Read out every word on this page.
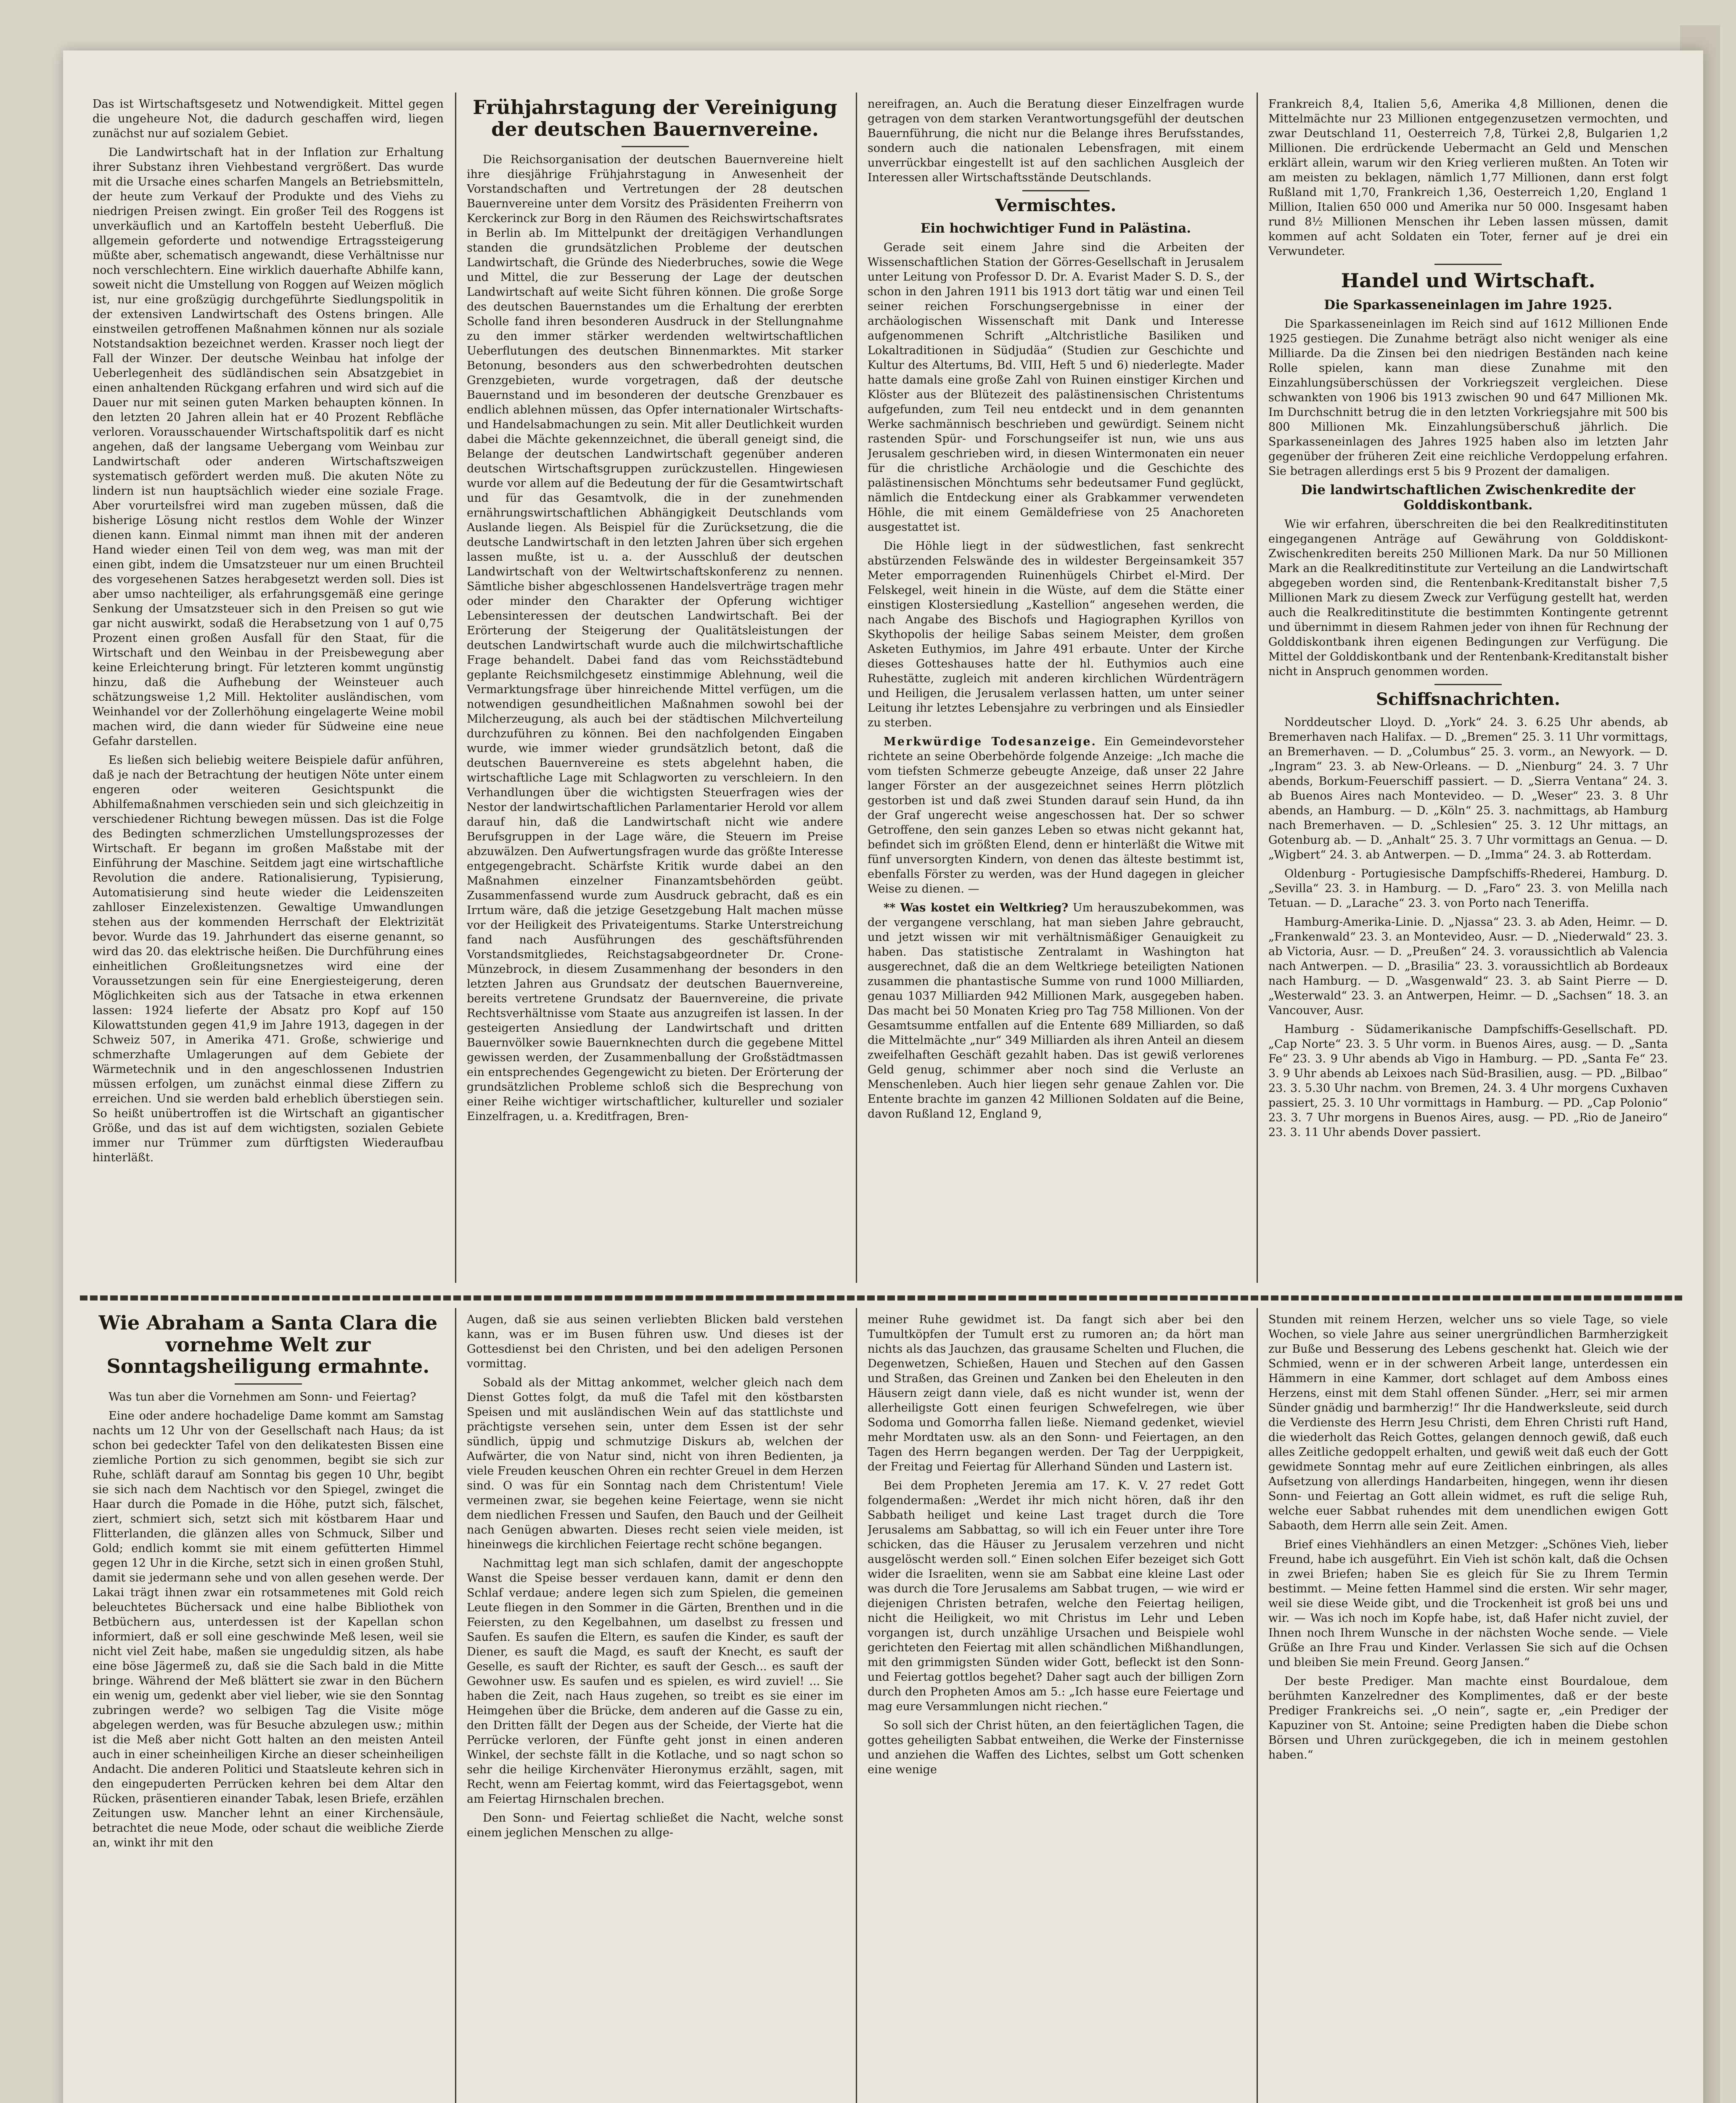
Das ist Wirtschaftsgesetz und Notwendigkeit. Mittel gegen die ungeheure Not, die dadurch geschaffen wird, liegen zunächst nur auf sozialem Gebiet.

Die Landwirtschaft hat in der Inflation zur Erhaltung ihrer Substanz ihren Viehbestand vergrößert. Das wurde mit die Ursache eines scharfen Mangels an Betriebsmitteln, der heute zum Verkauf der Produkte und des Viehs zu niedrigen Preisen zwingt. Ein großer Teil des Roggens ist unverkäuflich und an Kartoffeln besteht Ueberfluß. Die allgemein geforderte und notwendige Ertragssteigerung müßte aber, schematisch angewandt, diese Verhältnisse nur noch verschlechtern. Eine wirklich dauerhafte Abhilfe kann, soweit nicht die Umstellung von Roggen auf Weizen möglich ist, nur eine großzügig durchgeführte Siedlungspolitik in der extensiven Landwirtschaft des Ostens bringen. Alle einstweilen getroffenen Maßnahmen können nur als soziale Notstandsaktion bezeichnet werden. Krasser noch liegt der Fall der Winzer. Der deutsche Weinbau hat infolge der Ueberlegenheit des südländischen sein Absatzgebiet in einen anhaltenden Rückgang erfahren und wird sich auf die Dauer nur mit seinen guten Marken behaupten können. In den letzten 20 Jahren allein hat er 40 Prozent Rebfläche verloren. Vorausschauender Wirtschaftspolitik darf es nicht angehen, daß der langsame Uebergang vom Weinbau zur Landwirtschaft oder anderen Wirtschaftszweigen systematisch gefördert werden muß. Die akuten Nöte zu lindern ist nun hauptsächlich wieder eine soziale Frage. Aber vorurteilsfrei wird man zugeben müssen, daß die bisherige Lösung nicht restlos dem Wohle der Winzer dienen kann. Einmal nimmt man ihnen mit der anderen Hand wieder einen Teil von dem weg, was man mit der einen gibt, indem die Umsatzsteuer nur um einen Bruchteil des vorgesehenen Satzes herabgesetzt werden soll. Dies ist aber umso nachteiliger, als erfahrungsgemäß eine geringe Senkung der Umsatzsteuer sich in den Preisen so gut wie gar nicht auswirkt, sodaß die Herabsetzung von 1 auf 0,75 Prozent einen großen Ausfall für den Staat, für die Wirtschaft und den Weinbau in der Preisbewegung aber keine Erleichterung bringt. Für letzteren kommt ungünstig hinzu, daß die Aufhebung der Weinsteuer auch schätzungsweise 1,2 Mill. Hektoliter ausländischen, vom Weinhandel vor der Zollerhöhung eingelagerte Weine mobil machen wird, die dann wieder für Südweine eine neue Gefahr darstellen.

Es ließen sich beliebig weitere Beispiele dafür anführen, daß je nach der Betrachtung der heutigen Nöte unter einem engeren oder weiteren Gesichtspunkt die Abhilfemaßnahmen verschieden sein und sich gleichzeitig in verschiedener Richtung bewegen müssen. Das ist die Folge des Bedingten schmerzlichen Umstellungsprozesses der Wirtschaft. Er begann im großen Maßstabe mit der Einführung der Maschine. Seitdem jagt eine wirtschaftliche Revolution die andere. Rationalisierung, Typisierung, Automatisierung sind heute wieder die Leidenszeiten zahlloser Einzelexistenzen. Gewaltige Umwandlungen stehen aus der kommenden Herrschaft der Elektrizität bevor. Wurde das 19. Jahrhundert das eiserne genannt, so wird das 20. das elektrische heißen. Die Durchführung eines einheitlichen Großleitungsnetzes wird eine der Voraussetzungen sein für eine Energiesteigerung, deren Möglichkeiten sich aus der Tatsache in etwa erkennen lassen: 1924 lieferte der Absatz pro Kopf auf 150 Kilowattstunden gegen 41,9 im Jahre 1913, dagegen in der Schweiz 507, in Amerika 471. Große, schwierige und schmerzhafte Umlagerungen auf dem Gebiete der Wärmetechnik und in den angeschlossenen Industrien müssen erfolgen, um zunächst einmal diese Ziffern zu erreichen. Und sie werden bald erheblich überstiegen sein. So heißt unübertroffen ist die Wirtschaft an gigantischer Größe, und das ist auf dem wichtigsten, sozialen Gebiete immer nur Trümmer zum dürftigsten Wiederaufbau hinterläßt.

Frühjahrstagung der Vereinigung der deutschen Bauernvereine.

Die Reichsorganisation der deutschen Bauernvereine hielt ihre diesjährige Frühjahrstagung in Anwesenheit der Vorstandschaften und Vertretungen der 28 deutschen Bauernvereine unter dem Vorsitz des Präsidenten Freiherrn von Kerckerinck zur Borg in den Räumen des Reichswirtschaftsrates in Berlin ab. Im Mittelpunkt der dreitägigen Verhandlungen standen die grundsätzlichen Probleme der deutschen Landwirtschaft, die Gründe des Niederbruches, sowie die Wege und Mittel, die zur Besserung der Lage der deutschen Landwirtschaft auf weite Sicht führen können. Die große Sorge des deutschen Bauernstandes um die Erhaltung der ererbten Scholle fand ihren besonderen Ausdruck in der Stellungnahme zu den immer stärker werdenden weltwirtschaftlichen Ueberflutungen des deutschen Binnenmarktes. Mit starker Betonung, besonders aus den schwerbedrohten deutschen Grenzgebieten, wurde vorgetragen, daß der deutsche Bauernstand und im besonderen der deutsche Grenzbauer es endlich ablehnen müssen, das Opfer internationaler Wirtschafts- und Handelsabmachungen zu sein. Mit aller Deutlichkeit wurden dabei die Mächte gekennzeichnet, die überall geneigt sind, die Belange der deutschen Landwirtschaft gegenüber anderen deutschen Wirtschaftsgruppen zurückzustellen. Hingewiesen wurde vor allem auf die Bedeutung der für die Gesamtwirtschaft und für das Gesamtvolk, die in der zunehmenden ernährungswirtschaftlichen Abhängigkeit Deutschlands vom Auslande liegen. Als Beispiel für die Zurücksetzung, die die deutsche Landwirtschaft in den letzten Jahren über sich ergehen lassen mußte, ist u. a. der Ausschluß der deutschen Landwirtschaft von der Weltwirtschaftskonferenz zu nennen. Sämtliche bisher abgeschlossenen Handelsverträge tragen mehr oder minder den Charakter der Opferung wichtiger Lebensinteressen der deutschen Landwirtschaft. Bei der Erörterung der Steigerung der Qualitätsleistungen der deutschen Landwirtschaft wurde auch die milchwirtschaftliche Frage behandelt. Dabei fand das vom Reichsstädtebund geplante Reichsmilchgesetz einstimmige Ablehnung, weil die Vermarktungsfrage über hinreichende Mittel verfügen, um die notwendigen gesundheitlichen Maßnahmen sowohl bei der Milcherzeugung, als auch bei der städtischen Milchverteilung durchzuführen zu können. Bei den nachfolgenden Eingaben wurde, wie immer wieder grundsätzlich betont, daß die deutschen Bauernvereine es stets abgelehnt haben, die wirtschaftliche Lage mit Schlagworten zu verschleiern. In den Verhandlungen über die wichtigsten Steuerfragen wies der Nestor der landwirtschaftlichen Parlamentarier Herold vor allem darauf hin, daß die Landwirtschaft nicht wie andere Berufsgruppen in der Lage wäre, die Steuern im Preise abzuwälzen. Den Aufwertungsfragen wurde das größte Interesse entgegengebracht. Schärfste Kritik wurde dabei an den Maßnahmen einzelner Finanzamtsbehörden geübt. Zusammenfassend wurde zum Ausdruck gebracht, daß es ein Irrtum wäre, daß die jetzige Gesetzgebung Halt machen müsse vor der Heiligkeit des Privateigentums. Starke Unterstreichung fand nach Ausführungen des geschäftsführenden Vorstandsmitgliedes, Reichstagsabgeordneter Dr. Crone-Münzebrock, in diesem Zusammenhang der besonders in den letzten Jahren aus Grundsatz der deutschen Bauernvereine, bereits vertretene Grundsatz der Bauernvereine, die private Rechtsverhältnisse vom Staate aus anzugreifen ist lassen. In der gesteigerten Ansiedlung der Landwirtschaft und dritten Bauernvölker sowie Bauernknechten durch die gegebene Mittel gewissen werden, der Zusammenballung der Großstädtmassen ein entsprechendes Gegengewicht zu bieten. Der Erörterung der grundsätzlichen Probleme schloß sich die Besprechung von einer Reihe wichtiger wirtschaftlicher, kultureller und sozialer Einzelfragen, u. a. Kreditfragen, Bren-

nereifragen, an. Auch die Beratung dieser Einzelfragen wurde getragen von dem starken Verantwortungsgefühl der deutschen Bauernführung, die nicht nur die Belange ihres Berufsstandes, sondern auch die nationalen Lebensfragen, mit einem unverrückbar eingestellt ist auf den sachlichen Ausgleich der Interessen aller Wirtschaftsstände Deutschlands.

Vermischtes.
Ein hochwichtiger Fund in Palästina.

Gerade seit einem Jahre sind die Arbeiten der Wissenschaftlichen Station der Görres-Gesellschaft in Jerusalem unter Leitung von Professor D. Dr. A. Evarist Mader S. D. S., der schon in den Jahren 1911 bis 1913 dort tätig war und einen Teil seiner reichen Forschungsergebnisse in einer der archäologischen Wissenschaft mit Dank und Interesse aufgenommenen Schrift „Altchristliche Basiliken und Lokaltraditionen in Südjudäa“ (Studien zur Geschichte und Kultur des Altertums, Bd. VIII, Heft 5 und 6) niederlegte. Mader hatte damals eine große Zahl von Ruinen einstiger Kirchen und Klöster aus der Blütezeit des palästinensischen Christentums aufgefunden, zum Teil neu entdeckt und in dem genannten Werke sachmännisch beschrieben und gewürdigt. Seinem nicht rastenden Spür- und Forschungseifer ist nun, wie uns aus Jerusalem geschrieben wird, in diesen Wintermonaten ein neuer für die christliche Archäologie und die Geschichte des palästinensischen Mönchtums sehr bedeutsamer Fund geglückt, nämlich die Entdeckung einer als Grabkammer verwendeten Höhle, die mit einem Gemäldefriese von 25 Anachoreten ausgestattet ist.

Die Höhle liegt in der südwestlichen, fast senkrecht abstürzenden Felswände des in wildester Bergeinsamkeit 357 Meter emporragenden Ruinenhügels Chirbet el-Mird. Der Felskegel, weit hinein in die Wüste, auf dem die Stätte einer einstigen Klostersiedlung „Kastellion“ angesehen werden, die nach Angabe des Bischofs und Hagiographen Kyrillos von Skythopolis der heilige Sabas seinem Meister, dem großen Asketen Euthymios, im Jahre 491 erbaute. Unter der Kirche dieses Gotteshauses hatte der hl. Euthymios auch eine Ruhestätte, zugleich mit anderen kirchlichen Würdenträgern und Heiligen, die Jerusalem verlassen hatten, um unter seiner Leitung ihr letztes Lebensjahre zu verbringen und als Einsiedler zu sterben.

Merkwürdige Todesanzeige. Ein Gemeindevorsteher richtete an seine Oberbehörde folgende Anzeige: „Ich mache die vom tiefsten Schmerze gebeugte Anzeige, daß unser 22 Jahre langer Förster an der ausgezeichnet seines Herrn plötzlich gestorben ist und daß zwei Stunden darauf sein Hund, da ihn der Graf ungerecht weise angeschossen hat. Der so schwer Getroffene, den sein ganzes Leben so etwas nicht gekannt hat, befindet sich im größten Elend, denn er hinterläßt die Witwe mit fünf unversorgten Kindern, von denen das älteste bestimmt ist, ebenfalls Förster zu werden, was der Hund dagegen in gleicher Weise zu dienen. —

** Was kostet ein Weltkrieg? Um herauszubekommen, was der vergangene verschlang, hat man sieben Jahre gebraucht, und jetzt wissen wir mit verhältnismäßiger Genauigkeit zu haben. Das statistische Zentralamt in Washington hat ausgerechnet, daß die an dem Weltkriege beteiligten Nationen zusammen die phantastische Summe von rund 1000 Milliarden, genau 1037 Milliarden 942 Millionen Mark, ausgegeben haben. Das macht bei 50 Monaten Krieg pro Tag 758 Millionen. Von der Gesamtsumme entfallen auf die Entente 689 Milliarden, so daß die Mittelmächte „nur“ 349 Milliarden als ihren Anteil an diesem zweifelhaften Geschäft gezahlt haben. Das ist gewiß verlorenes Geld genug, schimmer aber noch sind die Verluste an Menschenleben. Auch hier liegen sehr genaue Zahlen vor. Die Entente brachte im ganzen 42 Millionen Soldaten auf die Beine, davon Rußland 12, England 9,

Frankreich 8,4, Italien 5,6, Amerika 4,8 Millionen, denen die Mittelmächte nur 23 Millionen entgegenzusetzen vermochten, und zwar Deutschland 11, Oesterreich 7,8, Türkei 2,8, Bulgarien 1,2 Millionen. Die erdrückende Uebermacht an Geld und Menschen erklärt allein, warum wir den Krieg verlieren mußten. An Toten wir am meisten zu beklagen, nämlich 1,77 Millionen, dann erst folgt Rußland mit 1,70, Frankreich 1,36, Oesterreich 1,20, England 1 Million, Italien 650 000 und Amerika nur 50 000. Insgesamt haben rund 8½ Millionen Menschen ihr Leben lassen müssen, damit kommen auf acht Soldaten ein Toter, ferner auf je drei ein Verwundeter.

Handel und Wirtschaft.
Die Sparkasseneinlagen im Jahre 1925.

Die Sparkasseneinlagen im Reich sind auf 1612 Millionen Ende 1925 gestiegen. Die Zunahme beträgt also nicht weniger als eine Milliarde. Da die Zinsen bei den niedrigen Beständen nach keine Rolle spielen, kann man diese Zunahme mit den Einzahlungsüberschüssen der Vorkriegszeit vergleichen. Diese schwankten von 1906 bis 1913 zwischen 90 und 647 Millionen Mk. Im Durchschnitt betrug die in den letzten Vorkriegsjahre mit 500 bis 800 Millionen Mk. Einzahlungsüberschuß jährlich. Die Sparkasseneinlagen des Jahres 1925 haben also im letzten Jahr gegenüber der früheren Zeit eine reichliche Verdoppelung erfahren. Sie betragen allerdings erst 5 bis 9 Prozent der damaligen.

Die landwirtschaftlichen Zwischenkredite der Golddiskontbank.

Wie wir erfahren, überschreiten die bei den Realkreditinstituten eingegangenen Anträge auf Gewährung von Golddiskont-Zwischenkrediten bereits 250 Millionen Mark. Da nur 50 Millionen Mark an die Realkreditinstitute zur Verteilung an die Landwirtschaft abgegeben worden sind, die Rentenbank-Kreditanstalt bisher 7,5 Millionen Mark zu diesem Zweck zur Verfügung gestellt hat, werden auch die Realkreditinstitute die bestimmten Kontingente getrennt und übernimmt in diesem Rahmen jeder von ihnen für Rechnung der Golddiskontbank ihren eigenen Bedingungen zur Verfügung. Die Mittel der Golddiskontbank und der Rentenbank-Kreditanstalt bisher nicht in Anspruch genommen worden.

Schiffsnachrichten.

Norddeutscher Lloyd. D. „York“ 24. 3. 6.25 Uhr abends, ab Bremerhaven nach Halifax. — D. „Bremen“ 25. 3. 11 Uhr vormittags, an Bremerhaven. — D. „Columbus“ 25. 3. vorm., an Newyork. — D. „Ingram“ 23. 3. ab New-Orleans. — D. „Nienburg“ 24. 3. 7 Uhr abends, Borkum-Feuerschiff passiert. — D. „Sierra Ventana“ 24. 3. ab Buenos Aires nach Montevideo. — D. „Weser“ 23. 3. 8 Uhr abends, an Hamburg. — D. „Köln“ 25. 3. nachmittags, ab Hamburg nach Bremerhaven. — D. „Schlesien“ 25. 3. 12 Uhr mittags, an Gotenburg ab. — D. „Anhalt“ 25. 3. 7 Uhr vormittags an Genua. — D. „Wigbert“ 24. 3. ab Antwerpen. — D. „Imma“ 24. 3. ab Rotterdam.

Oldenburg - Portugiesische Dampfschiffs-Rhederei, Hamburg. D. „Sevilla“ 23. 3. in Hamburg. — D. „Faro“ 23. 3. von Melilla nach Tetuan. — D. „Larache“ 23. 3. von Porto nach Teneriffa.

Hamburg-Amerika-Linie. D. „Njassa“ 23. 3. ab Aden, Heimr. — D. „Frankenwald“ 23. 3. an Montevideo, Ausr. — D. „Niederwald“ 23. 3. ab Victoria, Ausr. — D. „Preußen“ 24. 3. voraussichtlich ab Valencia nach Antwerpen. — D. „Brasilia“ 23. 3. voraussichtlich ab Bordeaux nach Hamburg. — D. „Wasgenwald“ 23. 3. ab Saint Pierre — D. „Westerwald“ 23. 3. an Antwerpen, Heimr. — D. „Sachsen“ 18. 3. an Vancouver, Ausr.

Hamburg - Südamerikanische Dampfschiffs-Gesellschaft. PD. „Cap Norte“ 23. 3. 5 Uhr vorm. in Buenos Aires, ausg. — D. „Santa Fe“ 23. 3. 9 Uhr abends ab Vigo in Hamburg. — PD. „Santa Fe“ 23. 3. 9 Uhr abends ab Leixoes nach Süd-Brasilien, ausg. — PD. „Bilbao“ 23. 3. 5.30 Uhr nachm. von Bremen, 24. 3. 4 Uhr morgens Cuxhaven passiert, 25. 3. 10 Uhr vormittags in Hamburg. — PD. „Cap Polonio“ 23. 3. 7 Uhr morgens in Buenos Aires, ausg. — PD. „Rio de Janeiro“ 23. 3. 11 Uhr abends Dover passiert.

Wie Abraham a Santa Clara die vornehme Welt zur Sonntagsheiligung ermahnte.

Was tun aber die Vornehmen am Sonn- und Feiertag?

Eine oder andere hochadelige Dame kommt am Samstag nachts um 12 Uhr von der Gesellschaft nach Haus; da ist schon bei gedeckter Tafel von den delikatesten Bissen eine ziemliche Portion zu sich genommen, begibt sie sich zur Ruhe, schläft darauf am Sonntag bis gegen 10 Uhr, begibt sie sich nach dem Nachtisch vor den Spiegel, zwinget die Haar durch die Pomade in die Höhe, putzt sich, fälschet, ziert, schmiert sich, setzt sich mit köstbarem Haar und Flitterlanden, die glänzen alles von Schmuck, Silber und Gold; endlich kommt sie mit einem gefütterten Himmel gegen 12 Uhr in die Kirche, setzt sich in einen großen Stuhl, damit sie jedermann sehe und von allen gesehen werde. Der Lakai trägt ihnen zwar ein rotsammetenes mit Gold reich beleuchtetes Büchersack und eine halbe Bibliothek von Betbüchern aus, unterdessen ist der Kapellan schon informiert, daß er soll eine geschwinde Meß lesen, weil sie nicht viel Zeit habe, maßen sie ungeduldig sitzen, als habe eine böse Jägermeß zu, daß sie die Sach bald in die Mitte bringe. Während der Meß blättert sie zwar in den Büchern ein wenig um, gedenkt aber viel lieber, wie sie den Sonntag zubringen werde? wo selbigen Tag die Visite möge abgelegen werden, was für Besuche abzulegen usw.; mithin ist die Meß aber nicht Gott halten an den meisten Anteil auch in einer scheinheiligen Kirche an dieser scheinheiligen Andacht. Die anderen Politici und Staatsleute kehren sich in den eingepuderten Perrücken kehren bei dem Altar den Rücken, präsentieren einander Tabak, lesen Briefe, erzählen Zeitungen usw. Mancher lehnt an einer Kirchensäule, betrachtet die neue Mode, oder schaut die weibliche Zierde an, winkt ihr mit den

Augen, daß sie aus seinen verliebten Blicken bald verstehen kann, was er im Busen führen usw. Und dieses ist der Gottesdienst bei den Christen, und bei den adeligen Personen vormittag.

Sobald als der Mittag ankommet, welcher gleich nach dem Dienst Gottes folgt, da muß die Tafel mit den köstbarsten Speisen und mit ausländischen Wein auf das stattlichste und prächtigste versehen sein, unter dem Essen ist der sehr sündlich, üppig und schmutzige Diskurs ab, welchen der Aufwärter, die von Natur sind, nicht von ihren Bedienten, ja viele Freuden keuschen Ohren ein rechter Greuel in dem Herzen sind. O was für ein Sonntag nach dem Christentum! Viele vermeinen zwar, sie begehen keine Feiertage, wenn sie nicht dem niedlichen Fressen und Saufen, den Bauch und der Geilheit nach Genügen abwarten. Dieses recht seien viele meiden, ist hineinwegs die kirchlichen Feiertage recht schöne begangen.

Nachmittag legt man sich schlafen, damit der angeschoppte Wanst die Speise besser verdauen kann, damit er denn den Schlaf verdaue; andere legen sich zum Spielen, die gemeinen Leute fliegen in den Sommer in die Gärten, Brenthen und in die Feiersten, zu den Kegelbahnen, um daselbst zu fressen und Saufen. Es saufen die Eltern, es saufen die Kinder, es sauft der Diener, es sauft die Magd, es sauft der Knecht, es sauft der Geselle, es sauft der Richter, es sauft der Gesch... es sauft der Gewohner usw. Es saufen und es spielen, es wird zuviel! ... Sie haben die Zeit, nach Haus zugehen, so treibt es sie einer im Heimgehen über die Brücke, dem anderen auf die Gasse zu ein, den Dritten fällt der Degen aus der Scheide, der Vierte hat die Perrücke verloren, der Fünfte geht jonst in einen anderen Winkel, der sechste fällt in die Kotlache, und so nagt schon so sehr die heilige Kirchenväter Hieronymus erzählt, sagen, mit Recht, wenn am Feiertag kommt, wird das Feiertagsgebot, wenn am Feiertag Hirnschalen brechen.

Den Sonn- und Feiertag schließet die Nacht, welche sonst einem jeglichen Menschen zu allge-

meiner Ruhe gewidmet ist. Da fangt sich aber bei den Tumultköpfen der Tumult erst zu rumoren an; da hört man nichts als das Jauchzen, das grausame Schelten und Fluchen, die Degenwetzen, Schießen, Hauen und Stechen auf den Gassen und Straßen, das Greinen und Zanken bei den Eheleuten in den Häusern zeigt dann viele, daß es nicht wunder ist, wenn der allerheiligste Gott einen feurigen Schwefelregen, wie über Sodoma und Gomorrha fallen ließe. Niemand gedenket, wieviel mehr Mordtaten usw. als an den Sonn- und Feiertagen, an den Tagen des Herrn begangen werden. Der Tag der Uerppigkeit, der Freitag und Feiertag für Allerhand Sünden und Lastern ist.

Bei dem Propheten Jeremia am 17. K. V. 27 redet Gott folgendermaßen: „Werdet ihr mich nicht hören, daß ihr den Sabbath heiliget und keine Last traget durch die Tore Jerusalems am Sabbattag, so will ich ein Feuer unter ihre Tore schicken, das die Häuser zu Jerusalem verzehren und nicht ausgelöscht werden soll.“ Einen solchen Eifer bezeiget sich Gott wider die Israeliten, wenn sie am Sabbat eine kleine Last oder was durch die Tore Jerusalems am Sabbat trugen, — wie wird er diejenigen Christen betrafen, welche den Feiertag heiligen, nicht die Heiligkeit, wo mit Christus im Lehr und Leben vorgangen ist, durch unzählige Ursachen und Beispiele wohl gerichteten den Feiertag mit allen schändlichen Mißhandlungen, mit den grimmigsten Sünden wider Gott, befleckt ist den Sonn- und Feiertag gottlos begehet? Daher sagt auch der billigen Zorn durch den Propheten Amos am 5.: „Ich hasse eure Feiertage und mag eure Versammlungen nicht riechen.“

So soll sich der Christ hüten, an den feiertäglichen Tagen, die gottes geheiligten Sabbat entweihen, die Werke der Finsternisse und anziehen die Waffen des Lichtes, selbst um Gott schenken eine wenige

Stunden mit reinem Herzen, welcher uns so viele Tage, so viele Wochen, so viele Jahre aus seiner unergründlichen Barmherzigkeit zur Buße und Besserung des Lebens geschenkt hat. Gleich wie der Schmied, wenn er in der schweren Arbeit lange, unterdessen ein Hämmern in eine Kammer, dort schlaget auf dem Amboss eines Herzens, einst mit dem Stahl offenen Sünder. „Herr, sei mir armen Sünder gnädig und barmherzig!“ Ihr die Handwerksleute, seid durch die Verdienste des Herrn Jesu Christi, dem Ehren Christi ruft Hand, die wiederholt das Reich Gottes, gelangen dennoch gewiß, daß euch alles Zeitliche gedoppelt erhalten, und gewiß weit daß euch der Gott gewidmete Sonntag mehr auf eure Zeitlichen einbringen, als alles Aufsetzung von allerdings Handarbeiten, hingegen, wenn ihr diesen Sonn- und Feiertag an Gott allein widmet, es ruft die selige Ruh, welche euer Sabbat ruhendes mit dem unendlichen ewigen Gott Sabaoth, dem Herrn alle sein Zeit. Amen.

Brief eines Viehhändlers an einen Metzger: „Schönes Vieh, lieber Freund, habe ich ausgeführt. Ein Vieh ist schön kalt, daß die Ochsen in zwei Briefen; haben Sie es gleich für Sie zu Ihrem Termin bestimmt. — Meine fetten Hammel sind die ersten. Wir sehr mager, weil sie diese Weide gibt, und die Trockenheit ist groß bei uns und wir. — Was ich noch im Kopfe habe, ist, daß Hafer nicht zuviel, der Ihnen noch Ihrem Wunsche in der nächsten Woche sende. — Viele Grüße an Ihre Frau und Kinder. Verlassen Sie sich auf die Ochsen und bleiben Sie mein Freund. Georg Jansen.“

Der beste Prediger. Man machte einst Bourdaloue, dem berühmten Kanzelredner des Komplimentes, daß er der beste Prediger Frankreichs sei. „O nein“, sagte er, „ein Prediger der Kapuziner von St. Antoine; seine Predigten haben die Diebe schon Börsen und Uhren zurückgegeben, die ich in meinem gestohlen haben.“
